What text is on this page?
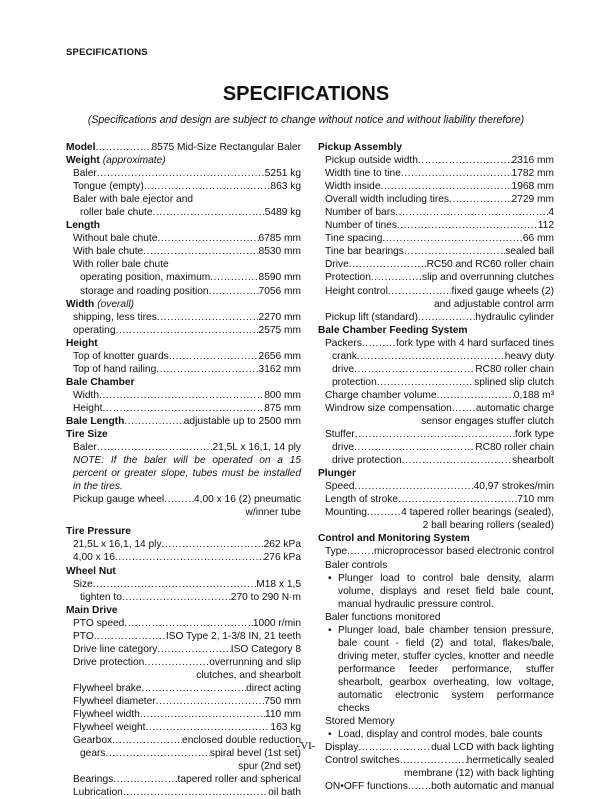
SPECIFICATIONS
SPECIFICATIONS
(Specifications and design are subject to change without notice and without liability therefore)
Model .....	8575 Mid-Size Rectangular Baler
Weight (approximate)
Baler .....	5251 kg
Tongue (empty) .....	863 kg
Baler with bale ejector and
roller bale chute .....	5489 kg
Length
Without bale chute .....	6785 mm
With bale chute .....	8530 mm
With roller bale chute
operating position, maximum .....	8590 mm
storage and roading position .....	7056 mm
Width (overall)
shipping, less tires .....	2270 mm
operating .....	2575 mm
Height
Top of knotter guards .....	2656 mm
Top of hand railing .....	3162 mm
Bale Chamber
Width .....	800 mm
Height .....	875 mm
Bale Length .....	adjustable up to 2500 mm
Tire Size
Baler .....	21,5L x 16,1, 14 ply
NOTE: If the baler will be operated on a 15 percent or greater slope, tubes must be installed in the tires.
Pickup gauge wheel .....	4,00 x 16 (2) pneumatic
w/inner tube
Tire Pressure
21,5L x 16,1, 14 ply .....	262 kPa
4,00 x 16 .....	276 kPa
Wheel Nut
Size .....	M18 x 1,5
tighten to .....	270 to 290 N·m
Main Drive
PTO speed .....	1000 r/min
PTO .....	ISO Type 2, 1-3/8 IN, 21 teeth
Drive line category .....	ISO Category 8
Drive protection .....	overrunning and slip
clutches, and shearbolt
Flywheel brake .....	direct acting
Flywheel diameter .....	750 mm
Flywheel width .....	110 mm
Flywheel weight .....	163 kg
Gearbox .....	enclosed double reduction
gears .....	spiral bevel (1st set)
spur (2nd set)
Bearings .....	tapered roller and spherical
Lubrication .....	oil bath
Pickup Assembly
Pickup outside width .....	2316 mm
Width tine to tine .....	1782 mm
Width inside .....	1968 mm
Overall width including tires .....	2729 mm
Number of bars .....	4
Number of tines .....	112
Tine spacing .....	66 mm
Tine bar bearings .....	sealed ball
Drive .....	RC50 and RC60 roller chain
Protection .....	slip and overrunning clutches
Height control .....	fixed gauge wheels (2)
and adjustable control arm
Pickup lift (standard) .....	hydraulic cylinder
Bale Chamber Feeding System
Packers .....	fork type with 4 hard surfaced tines
crank .....	heavy duty
drive .....	RC80 roller chain
protection .....	splined slip clutch
Charge chamber volume .....	0,188 m³
Windrow size compensation ..... automatic charge
sensor engages stuffer clutch
Stuffer .....	fork type
drive .....	RC80 roller chain
drive protection .....	shearbolt
Plunger
Speed .....	40,97 strokes/min
Length of stroke .....	710 mm
Mounting .....	4 tapered roller bearings (sealed),
2 ball bearing rollers (sealed)
Control and Monitoring System
Type .....	microprocessor based electronic control
Baler controls
• Plunger load to control bale density, alarm volume, displays and reset field bale count, manual hydraulic pressure control.
Baler functions monitored
• Plunger load, bale chamber tension pressure, bale count - field (2) and total, flakes/bale, driving meter, stuffer cycles, knotter and needle performance feeder performance, stuffer shearbolt, gearbox overheating, low voltage, automatic electronic system performance checks
Stored Memory
• Load, display and control modes, bale counts
Display .....	dual LCD with back lighting
Control switches .....	hermetically sealed
membrane (12) with back lighting
ON•OFF functions ..... both automatic and manual
-VI-
